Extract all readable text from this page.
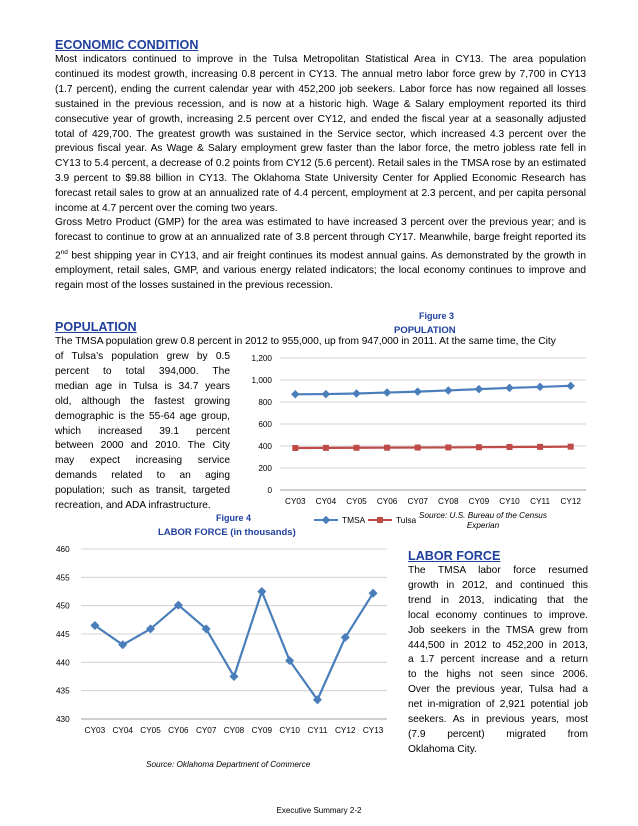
ECONOMIC CONDITION
Most indicators continued to improve in the Tulsa Metropolitan Statistical Area in CY13. The area population continued its modest growth, increasing 0.8 percent in CY13. The annual metro labor force grew by 7,700 in CY13 (1.7 percent), ending the current calendar year with 452,200 job seekers. Labor force has now regained all losses sustained in the previous recession, and is now at a historic high. Wage & Salary employment reported its third consecutive year of growth, increasing 2.5 percent over CY12, and ended the fiscal year at a seasonally adjusted total of 429,700. The greatest growth was sustained in the Service sector, which increased 4.3 percent over the previous fiscal year. As Wage & Salary employment grew faster than the labor force, the metro jobless rate fell in CY13 to 5.4 percent, a decrease of 0.2 points from CY12 (5.6 percent). Retail sales in the TMSA rose by an estimated 3.9 percent to $9.88 billion in CY13. The Oklahoma State University Center for Applied Economic Research has forecast retail sales to grow at an annualized rate of 4.4 percent, employment at 2.3 percent, and per capita personal income at 4.7 percent over the coming two years.
Gross Metro Product (GMP) for the area was estimated to have increased 3 percent over the previous year; and is forecast to continue to grow at an annualized rate of 3.8 percent through CY17. Meanwhile, barge freight reported its 2nd best shipping year in CY13, and air freight continues its modest annual gains. As demonstrated by the growth in employment, retail sales, GMP, and various energy related indicators; the local economy continues to improve and regain most of the losses sustained in the previous recession.
POPULATION
Figure 3
POPULATION
The TMSA population grew 0.8 percent in 2012 to 955,000, up from 947,000 in 2011. At the same time, the City
of Tulsa’s population grew by 0.5
percent to total 394,000. The
median age in Tulsa is 34.7 years
old, although the fastest growing
demographic is the 55-64 age group,
which increased 39.1 percent
between 2000 and 2010. The City
may expect increasing service
demands related to an aging
population; such as transit, targeted
recreation, and ADA infrastructure.
0
200
400
600
800
1,000
1,200
CY03 CY04 CY05 CY06 CY07 CY08 CY09 CY10 CY11 CY12
TMSA	Tulsa Source: U.S. Bureau of the Census
Experian
Figure 4
LABOR FORCE (in thousands)
430
435
440
445
450
455
460
CY03 CY04 CY05 CY06 CY07 CY08 CY09 CY10 CY11 CY12 CY13
Source: Oklahoma Department of Commerce
LABOR FORCE
The TMSA labor force resumed
growth in 2012, and continued this
trend in 2013, indicating that the
local economy continues to improve.
Job seekers in the TMSA grew from
444,500 in 2012 to 452,200 in 2013,
a 1.7 percent increase and a return
to the highs not seen since 2006.
Over the previous year, Tulsa had a
net in-migration of 2,921 potential job
seekers. As in previous years, most
(7.9 percent) migrated from
Oklahoma City.
Executive Summary 2-2
